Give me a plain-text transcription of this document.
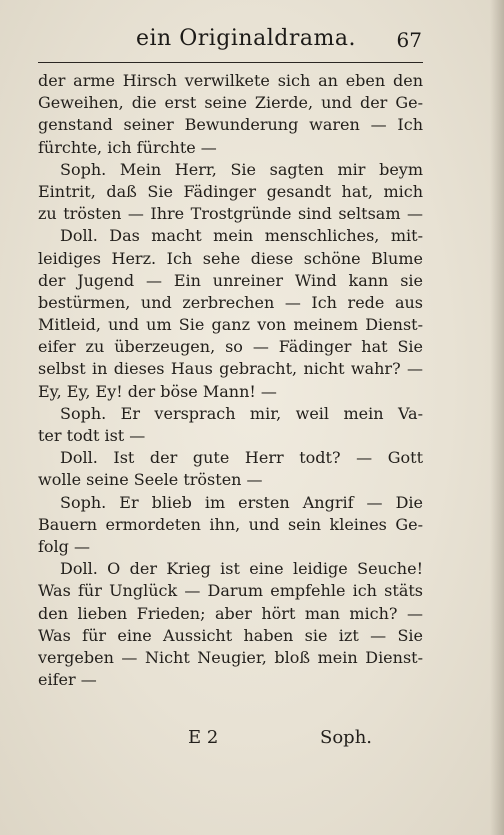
ein Originaldrama. 67
der arme Hirsch verwilkete sich an eben den
Geweihen, die erst seine Zierde, und der Ge-
genstand seiner Bewunderung waren — Ich
fürchte, ich fürchte —
Soph. Mein Herr, Sie sagten mir beym
Eintrit, daß Sie Fädinger gesandt hat, mich
zu trösten — Ihre Trostgründe sind seltsam —
Doll. Das macht mein menschliches, mit-
leidiges Herz. Ich sehe diese schöne Blume
der Jugend — Ein unreiner Wind kann sie
bestürmen, und zerbrechen — Ich rede aus
Mitleid, und um Sie ganz von meinem Dienst-
eifer zu überzeugen, so — Fädinger hat Sie
selbst in dieses Haus gebracht, nicht wahr? —
Ey, Ey, Ey! der böse Mann! —
Soph. Er versprach mir, weil mein Va-
ter todt ist —
Doll. Ist der gute Herr todt? — Gott
wolle seine Seele trösten —
Soph. Er blieb im ersten Angrif — Die
Bauern ermordeten ihn, und sein kleines Ge-
folg —
Doll. O der Krieg ist eine leidige Seuche!
Was für Unglück — Darum empfehle ich stäts
den lieben Frieden; aber hört man mich? —
Was für eine Aussicht haben sie izt — Sie
vergeben — Nicht Neugier, bloß mein Dienst-
eifer —
E 2	Soph.
